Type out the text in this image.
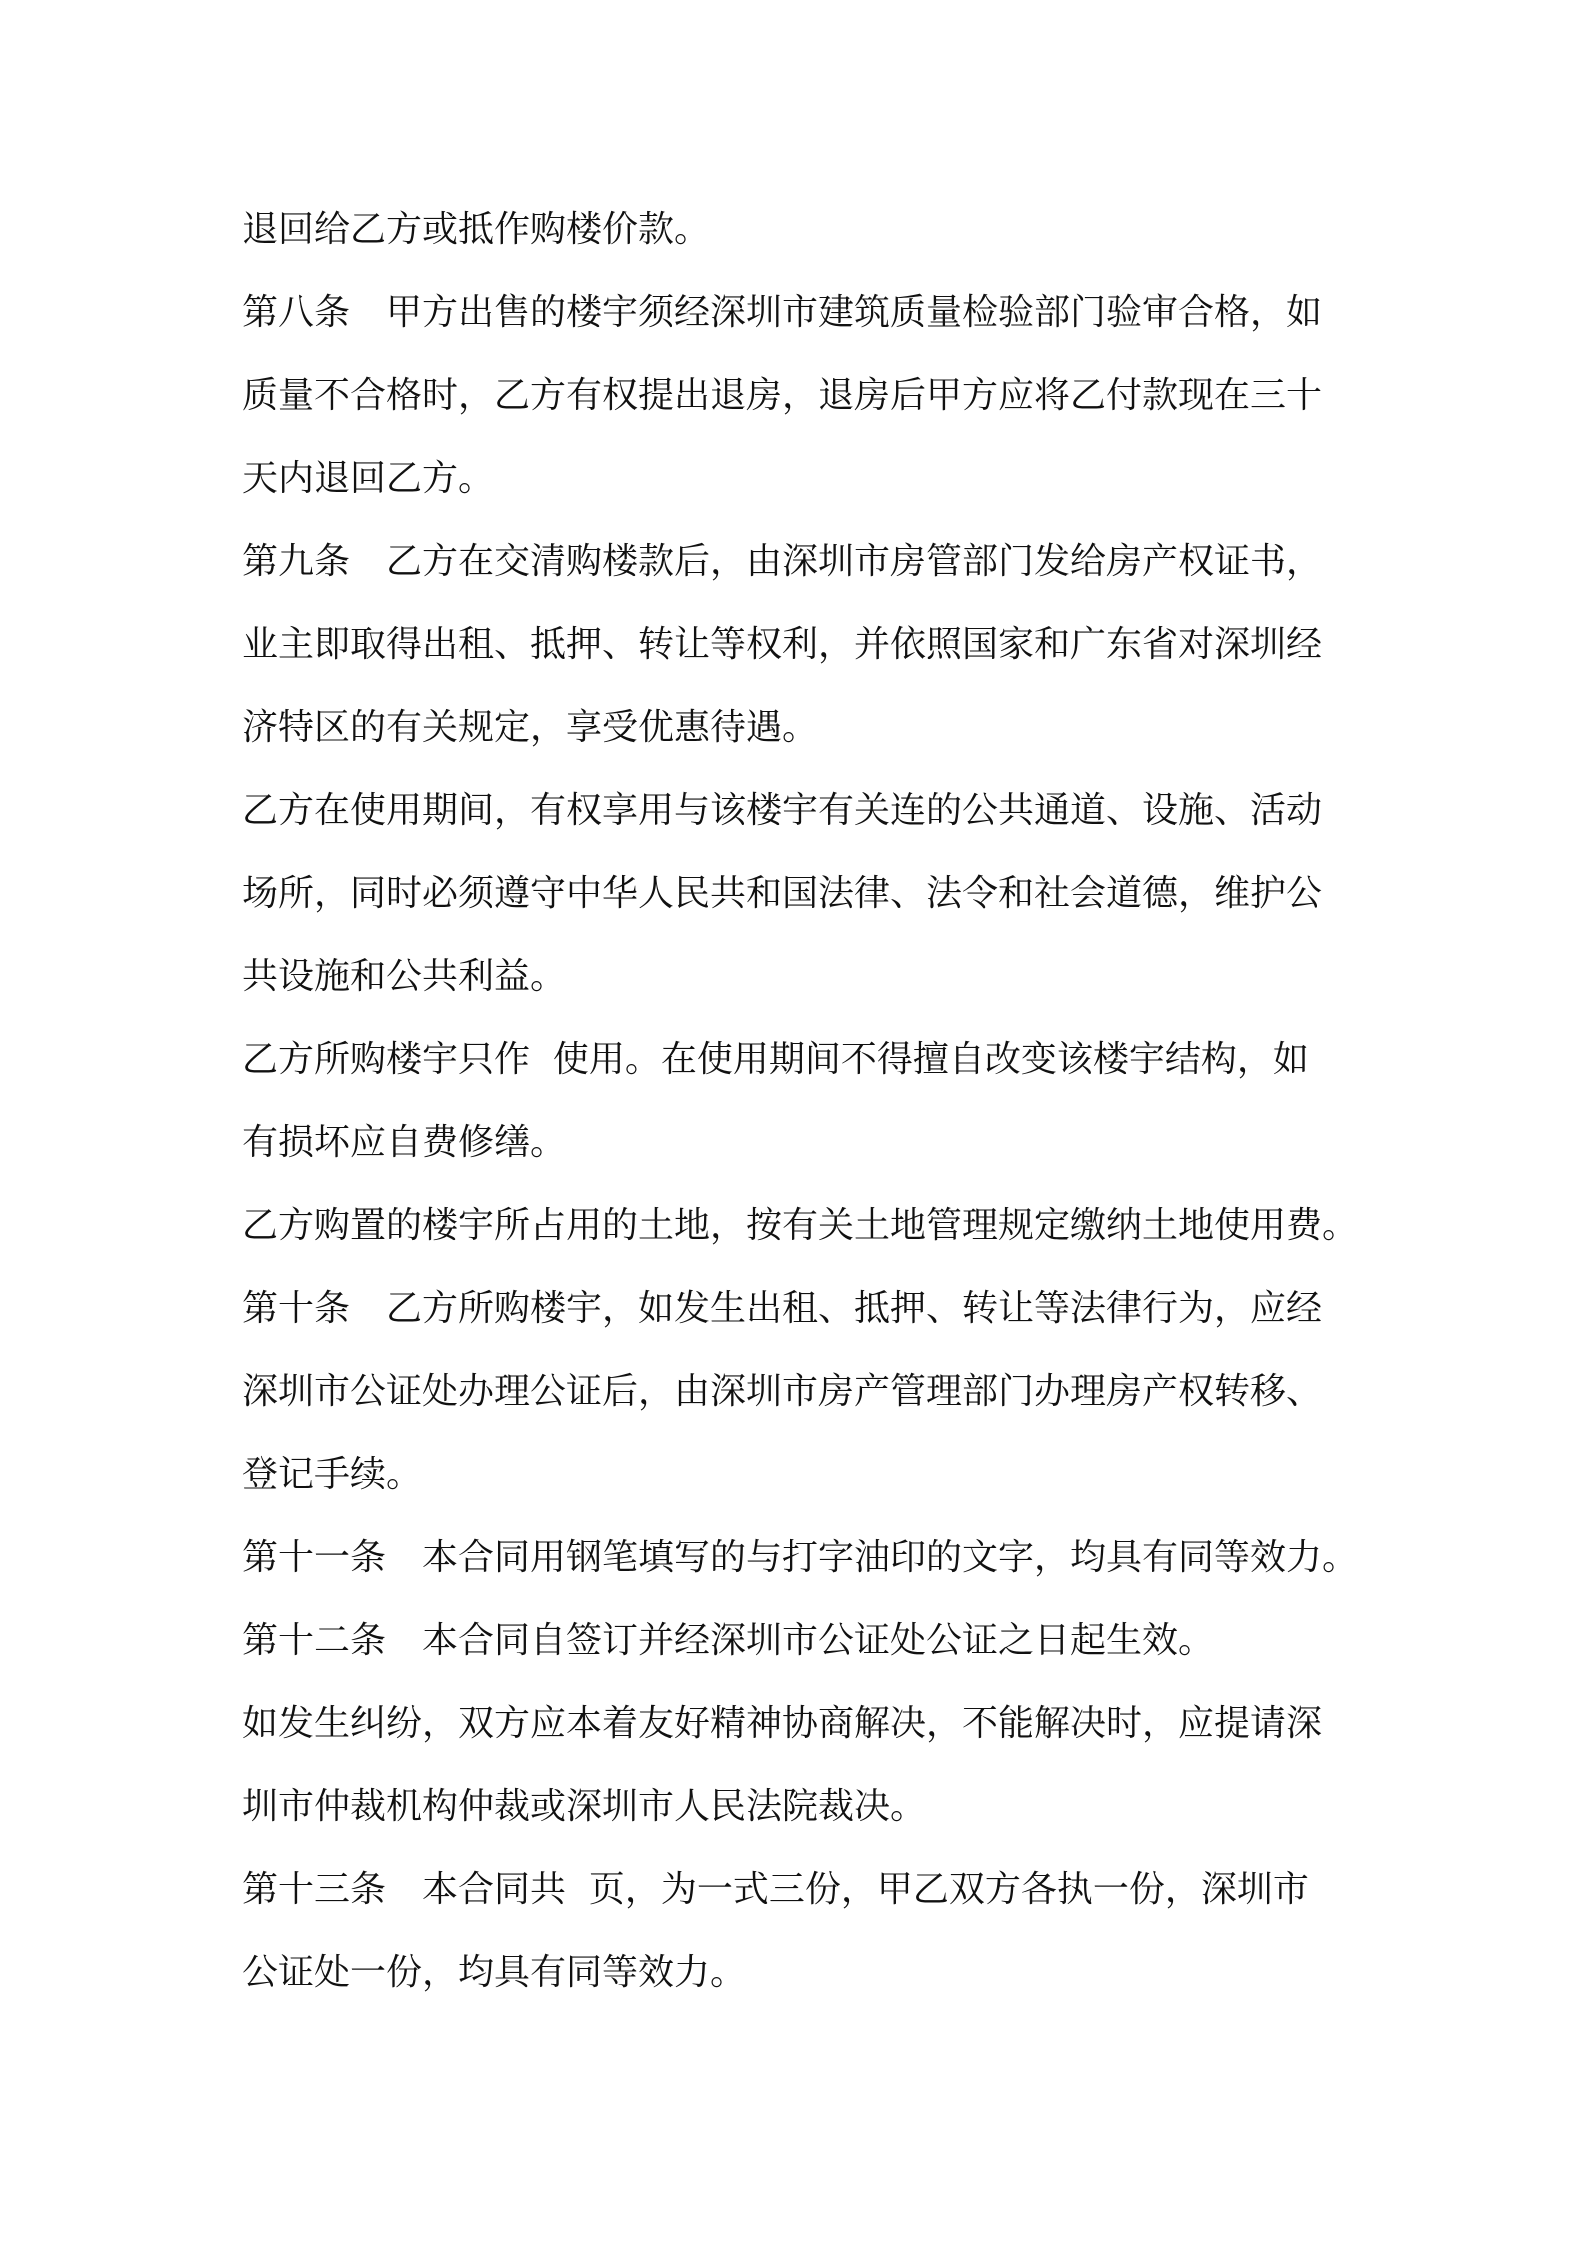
退回给乙方或抵作购楼价款。
第八条　甲方出售的楼宇须经深圳市建筑质量检验部门验审合格，如
质量不合格时，乙方有权提出退房，退房后甲方应将乙付款现在三十
天内退回乙方。
第九条　乙方在交清购楼款后，由深圳市房管部门发给房产权证书，
业主即取得出租、抵押、转让等权利，并依照国家和广东省对深圳经
济特区的有关规定，享受优惠待遇。
乙方在使用期间，有权享用与该楼宇有关连的公共通道、设施、活动
场所，同时必须遵守中华人民共和国法律、法令和社会道德，维护公
共设施和公共利益。
乙方所购楼宇只作  使用。在使用期间不得擅自改变该楼宇结构，如
有损坏应自费修缮。
乙方购置的楼宇所占用的土地，按有关土地管理规定缴纳土地使用费。
第十条　乙方所购楼宇，如发生出租、抵押、转让等法律行为，应经
深圳市公证处办理公证后，由深圳市房产管理部门办理房产权转移、
登记手续。
第十一条　本合同用钢笔填写的与打字油印的文字，均具有同等效力。
第十二条　本合同自签订并经深圳市公证处公证之日起生效。
如发生纠纷，双方应本着友好精神协商解决，不能解决时，应提请深
圳市仲裁机构仲裁或深圳市人民法院裁决。
第十三条　本合同共  页，为一式三份，甲乙双方各执一份，深圳市
公证处一份，均具有同等效力。
